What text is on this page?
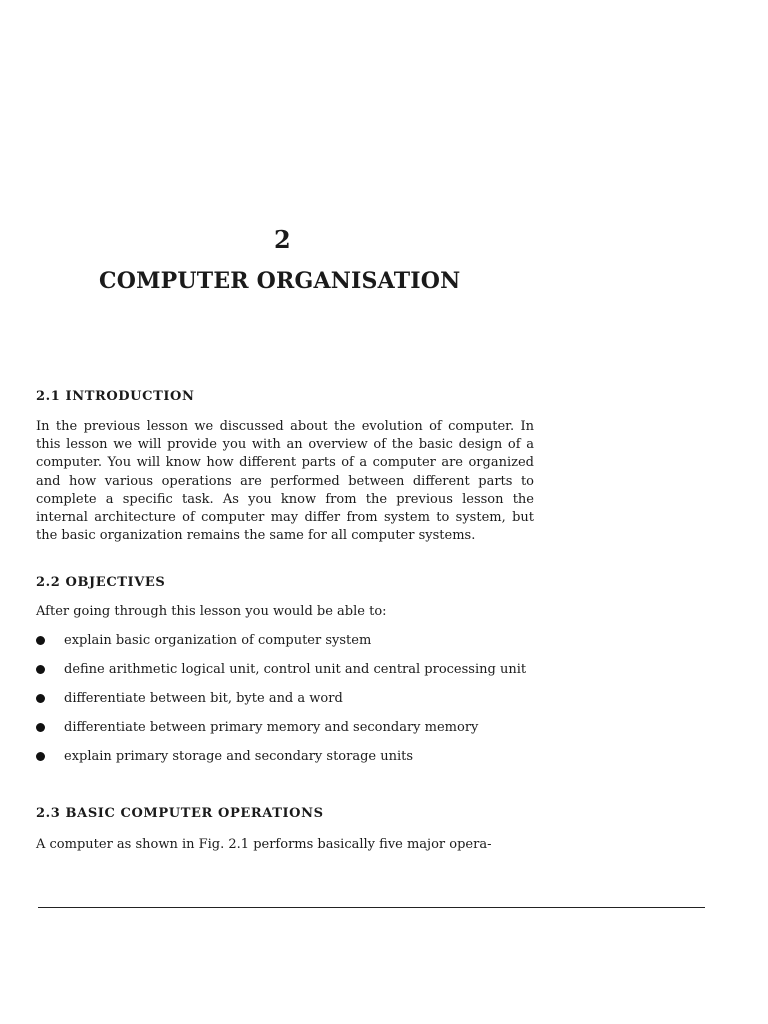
2
COMPUTER ORGANISATION
2.1 INTRODUCTION

In the previous lesson we discussed about the evolution of computer. In this lesson we will provide you with an overview of the basic design of a computer. You will know how different parts of a computer are organized and how various operations are performed between different parts to complete a specific task. As you know from the previous lesson the internal architecture of computer may differ from system to system, but the basic organization remains the same for all computer systems.

2.2 OBJECTIVES

After going through this lesson you would be able to:

explain basic organization of computer system
define arithmetic logical unit, control unit and central processing unit
differentiate between bit, byte and a word
differentiate between primary memory and secondary memory
explain primary storage and secondary storage units
2.3 BASIC COMPUTER OPERATIONS

A computer as shown in Fig. 2.1 performs basically five major opera-
